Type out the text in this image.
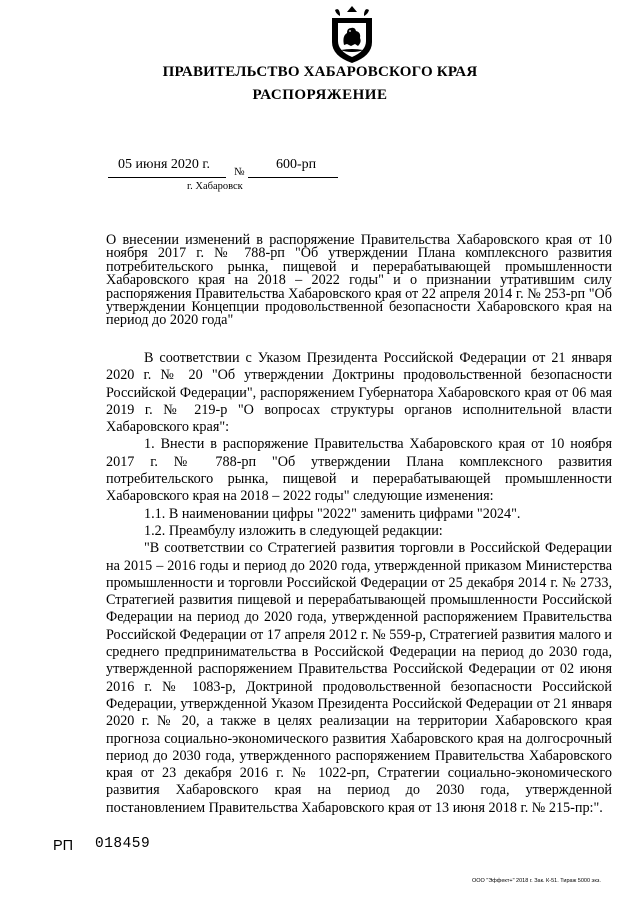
ПРАВИТЕЛЬСТВО ХАБАРОВСКОГО КРАЯ
РАСПОРЯЖЕНИЕ
05 июня 2020 г. № 600-рп
г. Хабаровск
О внесении изменений в распоряжение Правительства Хабаровского края от 10 ноября 2017 г. № 788-рп "Об утверждении Плана комплексного развития потребительского рынка, пищевой и перерабатывающей промышленности Хабаровского края на 2018 – 2022 годы" и о признании утратившим силу распоряжения Правительства Хабаровского края от 22 апреля 2014 г. № 253-рп "Об утверждении Концепции продовольственной безопасности Хабаровского края на период до 2020 года"

В соответствии с Указом Президента Российской Федерации от 21 января 2020 г. № 20 "Об утверждении Доктрины продовольственной безопасности Российской Федерации", распоряжением Губернатора Хабаровского края от 06 мая 2019 г. № 219-р "О вопросах структуры органов исполнительной власти Хабаровского края":

1. Внести в распоряжение Правительства Хабаровского края от 10 ноября 2017 г. № 788-рп "Об утверждении Плана комплексного развития потребительского рынка, пищевой и перерабатывающей промышленности Хабаровского края на 2018 – 2022 годы" следующие изменения:

1.1. В наименовании цифры "2022" заменить цифрами "2024".

1.2. Преамбулу изложить в следующей редакции:

"В соответствии со Стратегией развития торговли в Российской Федерации на 2015 – 2016 годы и период до 2020 года, утвержденной приказом Министерства промышленности и торговли Российской Федерации от 25 декабря 2014 г. № 2733, Стратегией развития пищевой и перерабатывающей промышленности Российской Федерации на период до 2020 года, утвержденной распоряжением Правительства Российской Федерации от 17 апреля 2012 г. № 559-р, Стратегией развития малого и среднего предпринимательства в Российской Федерации на период до 2030 года, утвержденной распоряжением Правительства Российской Федерации от 02 июня 2016 г. № 1083-р, Доктриной продовольственной безопасности Российской Федерации, утвержденной Указом Президента Российской Федерации от 21 января 2020 г. № 20, а также в целях реализации на территории Хабаровского края прогноза социально-экономического развития Хабаровского края на долгосрочный период до 2030 года, утвержденного распоряжением Правительства Хабаровского края от 23 декабря 2016 г. № 1022-рп, Стратегии социально-экономического развития Хабаровского края на период до 2030 года, утвержденной постановлением Правительства Хабаровского края от 13 июня 2018 г. № 215-пр:".

РП 018459
ООО "Эффект+" 2018 г. Зак. К-51. Тираж 5000 экз.
